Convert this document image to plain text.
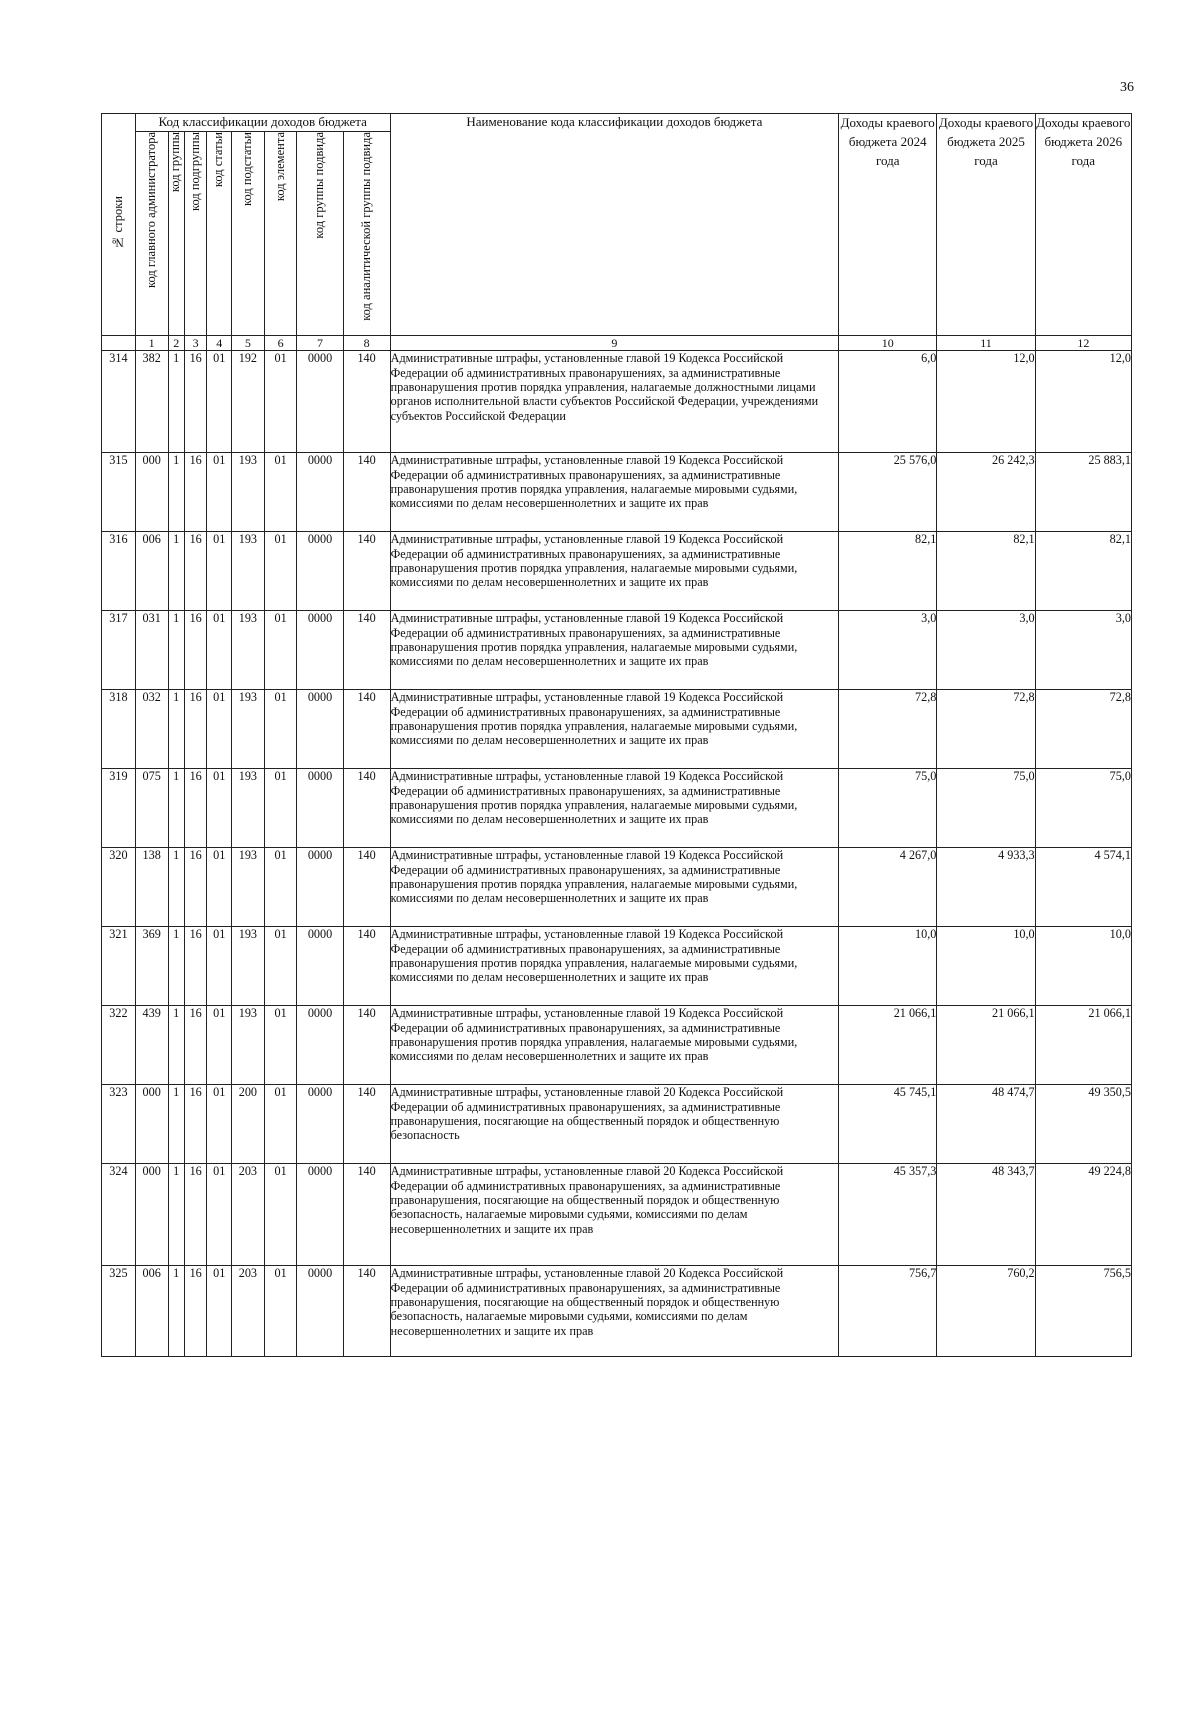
36
№ строки	Код классификации доходов бюджета								Наименование кода классификации доходов бюджета	Доходы краевого бюджета 2024 года	Доходы краевого бюджета 2025 года	Доходы краевого бюджета 2026 года
	код главного администратора	код группы	код подгруппы	код статьи	код подстатьи	код элемента	код группы подвида	код аналитической группы подвида				
	1	2	3	4	5	6	7	8	9	10	11	12
314	382	1	16	01	192	01	0000	140	Административные штрафы, установленные главой 19 Кодекса Российской Федерации об административных правонарушениях, за административные правонарушения против порядка управления, налагаемые должностными лицами органов исполнительной власти субъектов Российской Федерации, учреждениями субъектов Российской Федерации	6,0	12,0	12,0
315	000	1	16	01	193	01	0000	140	Административные штрафы, установленные главой 19 Кодекса Российской Федерации об административных правонарушениях, за административные правонарушения против порядка управления, налагаемые мировыми судьями, комиссиями по делам несовершеннолетних и защите их прав	25 576,0	26 242,3	25 883,1
316	006	1	16	01	193	01	0000	140	Административные штрафы, установленные главой 19 Кодекса Российской Федерации об административных правонарушениях, за административные правонарушения против порядка управления, налагаемые мировыми судьями, комиссиями по делам несовершеннолетних и защите их прав	82,1	82,1	82,1
317	031	1	16	01	193	01	0000	140	Административные штрафы, установленные главой 19 Кодекса Российской Федерации об административных правонарушениях, за административные правонарушения против порядка управления, налагаемые мировыми судьями, комиссиями по делам несовершеннолетних и защите их прав	3,0	3,0	3,0
318	032	1	16	01	193	01	0000	140	Административные штрафы, установленные главой 19 Кодекса Российской Федерации об административных правонарушениях, за административные правонарушения против порядка управления, налагаемые мировыми судьями, комиссиями по делам несовершеннолетних и защите их прав	72,8	72,8	72,8
319	075	1	16	01	193	01	0000	140	Административные штрафы, установленные главой 19 Кодекса Российской Федерации об административных правонарушениях, за административные правонарушения против порядка управления, налагаемые мировыми судьями, комиссиями по делам несовершеннолетних и защите их прав	75,0	75,0	75,0
320	138	1	16	01	193	01	0000	140	Административные штрафы, установленные главой 19 Кодекса Российской Федерации об административных правонарушениях, за административные правонарушения против порядка управления, налагаемые мировыми судьями, комиссиями по делам несовершеннолетних и защите их прав	4 267,0	4 933,3	4 574,1
321	369	1	16	01	193	01	0000	140	Административные штрафы, установленные главой 19 Кодекса Российской Федерации об административных правонарушениях, за административные правонарушения против порядка управления, налагаемые мировыми судьями, комиссиями по делам несовершеннолетних и защите их прав	10,0	10,0	10,0
322	439	1	16	01	193	01	0000	140	Административные штрафы, установленные главой 19 Кодекса Российской Федерации об административных правонарушениях, за административные правонарушения против порядка управления, налагаемые мировыми судьями, комиссиями по делам несовершеннолетних и защите их прав	21 066,1	21 066,1	21 066,1
323	000	1	16	01	200	01	0000	140	Административные штрафы, установленные главой 20 Кодекса Российской Федерации об административных правонарушениях, за административные правонарушения, посягающие на общественный порядок и общественную безопасность	45 745,1	48 474,7	49 350,5
324	000	1	16	01	203	01	0000	140	Административные штрафы, установленные главой 20 Кодекса Российской Федерации об административных правонарушениях, за административные правонарушения, посягающие на общественный порядок и общественную безопасность, налагаемые мировыми судьями, комиссиями по делам несовершеннолетних и защите их прав	45 357,3	48 343,7	49 224,8
325	006	1	16	01	203	01	0000	140	Административные штрафы, установленные главой 20 Кодекса Российской Федерации об административных правонарушениях, за административные правонарушения, посягающие на общественный порядок и общественную безопасность, налагаемые мировыми судьями, комиссиями по делам несовершеннолетних и защите их прав	756,7	760,2	756,5
